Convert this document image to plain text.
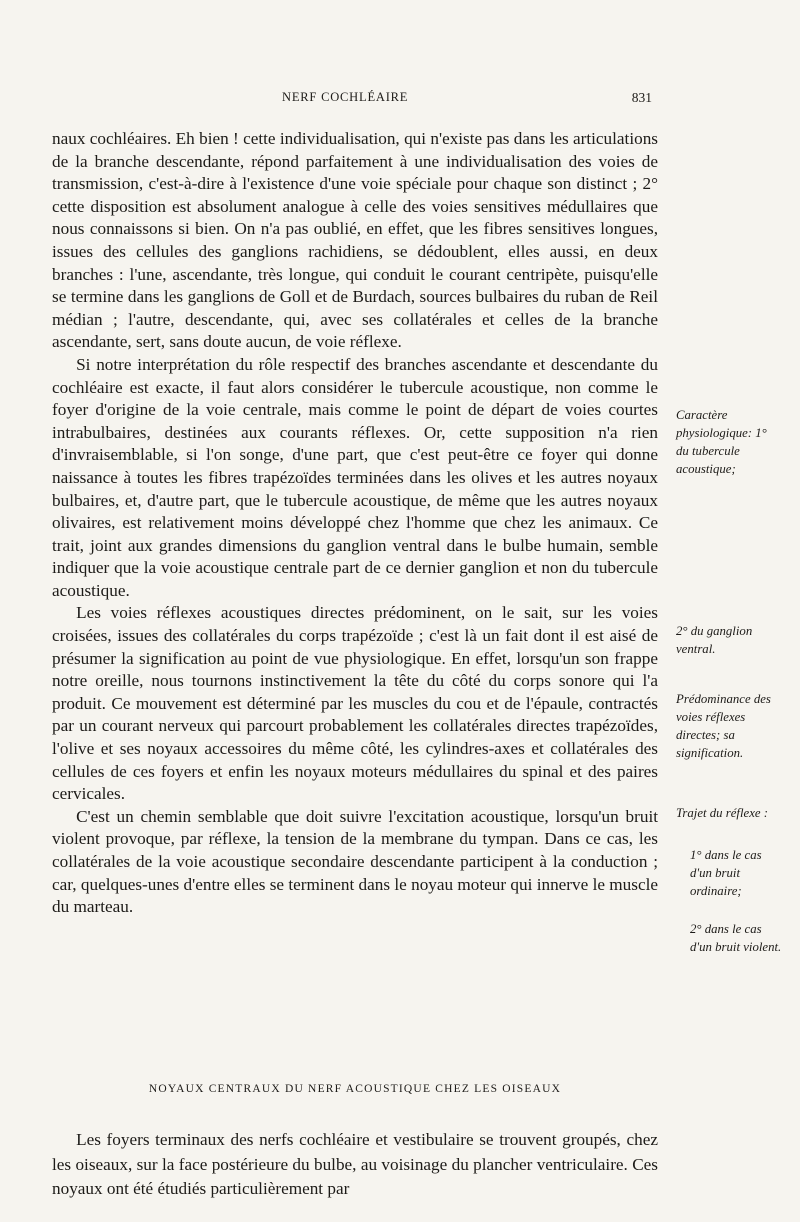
NERF COCHLÉAIRE	831

naux cochléaires. Eh bien ! cette individualisation, qui n'existe pas dans les articulations de la branche descendante, répond parfaitement à une individualisation des voies de transmission, c'est-à-dire à l'existence d'une voie spéciale pour chaque son distinct ; 2° cette disposition est absolument analogue à celle des voies sensitives médullaires que nous connaissons si bien. On n'a pas oublié, en effet, que les fibres sensitives longues, issues des cellules des ganglions rachidiens, se dédoublent, elles aussi, en deux branches : l'une, ascendante, très longue, qui conduit le courant centripète, puisqu'elle se termine dans les ganglions de Goll et de Burdach, sources bulbaires du ruban de Reil médian ; l'autre, descendante, qui, avec ses collatérales et celles de la branche ascendante, sert, sans doute aucun, de voie réflexe.

Si notre interprétation du rôle respectif des branches ascendante et descendante du cochléaire est exacte, il faut alors considérer le tubercule acoustique, non comme le foyer d'origine de la voie centrale, mais comme le point de départ de voies courtes intrabulbaires, destinées aux courants réflexes. Or, cette supposition n'a rien d'invraisemblable, si l'on songe, d'une part, que c'est peut-être ce foyer qui donne naissance à toutes les fibres trapézoïdes terminées dans les olives et les autres noyaux bulbaires, et, d'autre part, que le tubercule acoustique, de même que les autres noyaux olivaires, est relativement moins développé chez l'homme que chez les animaux. Ce trait, joint aux grandes dimensions du ganglion ventral dans le bulbe humain, semble indiquer que la voie acoustique centrale part de ce dernier ganglion et non du tubercule acoustique.

Les voies réflexes acoustiques directes prédominent, on le sait, sur les voies croisées, issues des collatérales du corps trapézoïde ; c'est là un fait dont il est aisé de présumer la signification au point de vue physiologique. En effet, lorsqu'un son frappe notre oreille, nous tournons instinctivement la tête du côté du corps sonore qui l'a produit. Ce mouvement est déterminé par les muscles du cou et de l'épaule, contractés par un courant nerveux qui parcourt probablement les collatérales directes trapézoïdes, l'olive et ses noyaux accessoires du même côté, les cylindres-axes et collatérales des cellules de ces foyers et enfin les noyaux moteurs médullaires du spinal et des paires cervicales.

C'est un chemin semblable que doit suivre l'excitation acoustique, lorsqu'un bruit violent provoque, par réflexe, la tension de la membrane du tympan. Dans ce cas, les collatérales de la voie acoustique secondaire descendante participent à la conduction ; car, quelques-unes d'entre elles se terminent dans le noyau moteur qui innerve le muscle du marteau.

Caractère physiologique: 1° du tubercule acoustique;
2° du ganglion ventral.
Prédominance des voies réflexes directes; sa signification.
Trajet du réflexe :
1° dans le cas d'un bruit ordinaire;
2° dans le cas d'un bruit violent.
NOYAUX CENTRAUX DU NERF ACOUSTIQUE CHEZ LES OISEAUX

Les foyers terminaux des nerfs cochléaire et vestibulaire se trouvent groupés, chez les oiseaux, sur la face postérieure du bulbe, au voisinage du plancher ventriculaire. Ces noyaux ont été étudiés particulièrement par
